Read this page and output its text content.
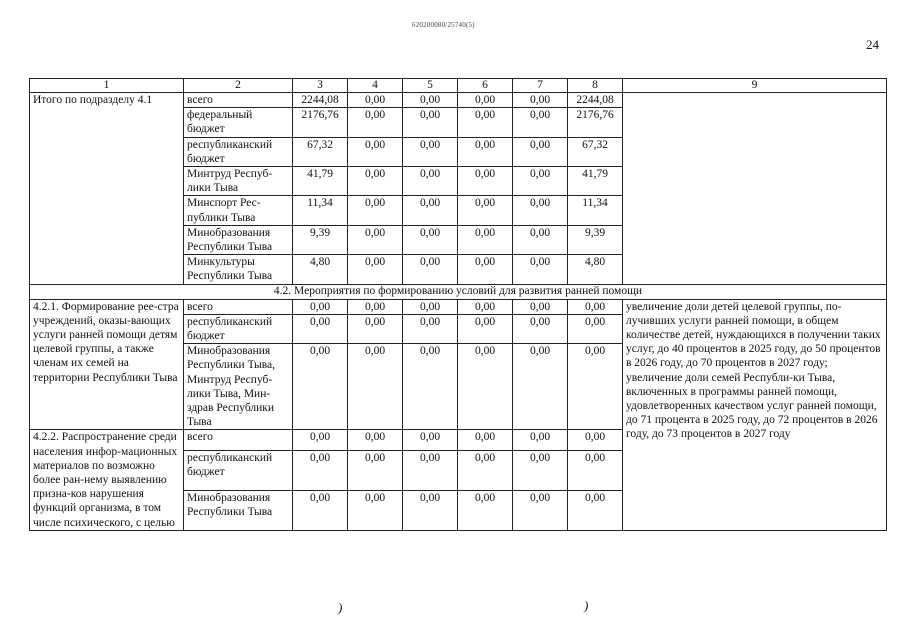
620200080/25740(5)
24
1	2	3	4	5	6	7	8	9
Итого по подразделу 4.1	всего	2244,08	0,00	0,00	0,00	0,00	2244,08	
	федеральный бюджет	2176,76	0,00	0,00	0,00	0,00	2176,76	
	республиканский бюджет	67,32	0,00	0,00	0,00	0,00	67,32	
	Минтруд Респуб-лики Тыва	41,79	0,00	0,00	0,00	0,00	41,79	
	Минспорт Рес-публики Тыва	11,34	0,00	0,00	0,00	0,00	11,34	
	Минобразования Республики Тыва	9,39	0,00	0,00	0,00	0,00	9,39	
	Минкультуры Республики Тыва	4,80	0,00	0,00	0,00	0,00	4,80	
4.2. Мероприятия по формированию условий для развития ранней помощи								
4.2.1. Формирование рее-стра учреждений, оказы-вающих услуги ранней помощи детям целевой группы, а также членам их семей на территории Республики Тыва	всего	0,00	0,00	0,00	0,00	0,00	0,00	увеличение доли детей целевой группы, по-лучивших услуги ранней помощи, в общем количестве детей, нуждающихся в получении таких услуг, до 40 процентов в 2025 году, до 50 процентов в 2026 году, до 70 процентов в 2027 году; увеличение доли семей Республи-ки Тыва, включенных в программы ранней помощи, удовлетворенных качеством услуг ранней помощи, до 71 процента в 2025 году, до 72 процентов в 2026 году, до 73 процентов в 2027 году
	республиканский бюджет	0,00	0,00	0,00	0,00	0,00	0,00	
	Минобразования Республики Тыва, Минтруд Респуб-лики Тыва, Мин-здрав Республики Тыва	0,00	0,00	0,00	0,00	0,00	0,00	
4.2.2. Распространение среди населения инфор-мационных материалов по возможно более ран-нему выявлению призна-ков нарушения функций организма, в том числе психического, с целью	всего	0,00	0,00	0,00	0,00	0,00	0,00	
	республиканский бюджет	0,00	0,00	0,00	0,00	0,00	0,00	
	Минобразования Республики Тыва	0,00	0,00	0,00	0,00	0,00	0,00	
)	)
